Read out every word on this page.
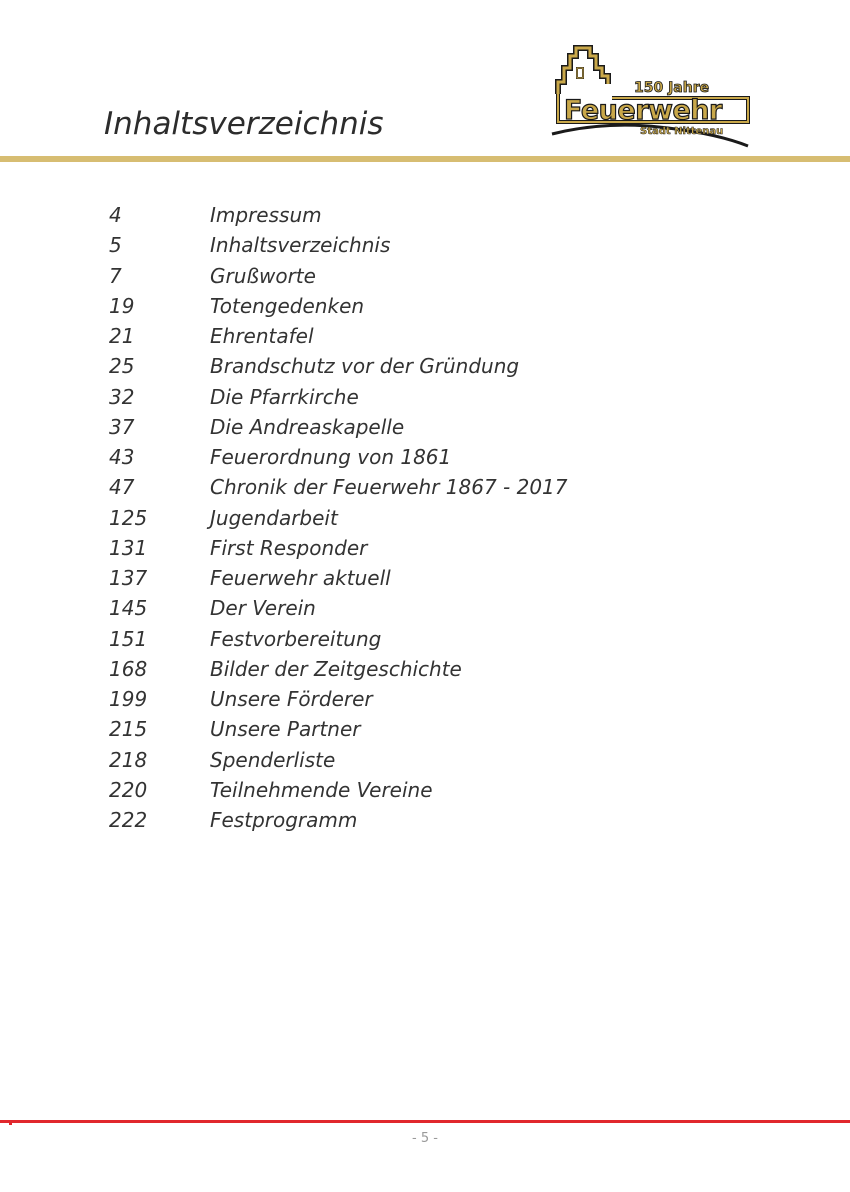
Inhaltsverzeichnis
150 Jahre
Feuerwehr
Stadt Nittenau
4	Impressum
5	Inhaltsverzeichnis
7	Grußworte
19	Totengedenken
21	Ehrentafel
25	Brandschutz vor der Gründung
32	Die Pfarrkirche
37	Die Andreaskapelle
43	Feuerordnung von 1861
47	Chronik der Feuerwehr 1867 - 2017
125	Jugendarbeit
131	First Responder
137	Feuerwehr aktuell
145	Der Verein
151	Festvorbereitung
168	Bilder der Zeitgeschichte
199	Unsere Förderer
215	Unsere Partner
218	Spenderliste
220	Teilnehmende Vereine
222	Festprogramm
- 5 -
